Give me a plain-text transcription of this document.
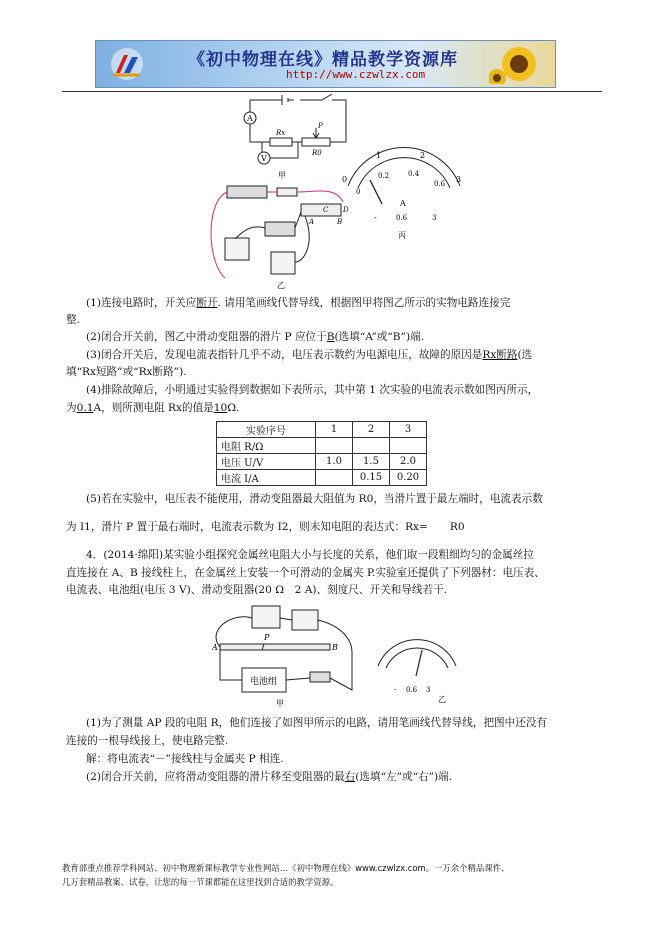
《初中物理在线》精品教学资源库
http://www.czwlzx.com
A
V
Rx
P
R0
甲
C D
A	B
乙
1	2
0	3
0
0.2	0.4
0.6
A
-	0.6	3
丙
(1)连接电路时，开关应断开. 请用笔画线代替导线，根据图甲将图乙所示的实物电路连接完
整.
(2)闭合开关前，图乙中滑动变阻器的滑片 P 应位于B(选填“A”或“B”)端.
(3)闭合开关后，发现电流表指针几乎不动，电压表示数约为电源电压，故障的原因是Rx断路(选
填“Rx短路”或“Rx断路”).
(4)排除故障后，小明通过实验得到数据如下表所示，其中第 1 次实验的电流表示数如图丙所示，
为0.1A，则所测电阻 Rx的值是10Ω.
实验序号	1	2	3
电阻 R/Ω			
电压 U/V	1.0	1.5	2.0
电流 I/A		0.15	0.20
(5)若在实验中，电压表不能使用，滑动变阻器最大阻值为 R0，当滑片置于最左端时，电流表示数
为 I1，滑片 P 置于最右端时，电流表示数为 I2，则未知电阻的表达式：Rx= R0
4．(2014·绵阳)某实验小组探究金属丝电阻大小与长度的关系，他们取一段粗细均匀的金属丝拉
直连接在 A、B 接线柱上，在金属丝上安装一个可滑动的金属夹 P.实验室还提供了下列器材：电压表、
电流表、电池组(电压 3 V)、滑动变阻器(20 Ω　2 A)、刻度尺、开关和导线若干.
A	B
P
电池组
甲
- 0.6 3
乙
(1)为了测量 AP 段的电阻 R，他们连接了如图甲所示的电路，请用笔画线代替导线，把图中还没有
连接的一根导线接上，使电路完整.
解：将电流表“－”接线柱与金属夹 P 相连.
(2)闭合开关前，应将滑动变阻器的滑片移至变阻器的最右(选填“左”或“右”)端.
教育部重点推荐学科网站、初中物理新课标教学专业性网站…《初中物理在线》www.czwlzx.com。一万余个精品课件、
几万套精品教案、试卷，让您的每一节课都能在这里找到合适的教学资源。
